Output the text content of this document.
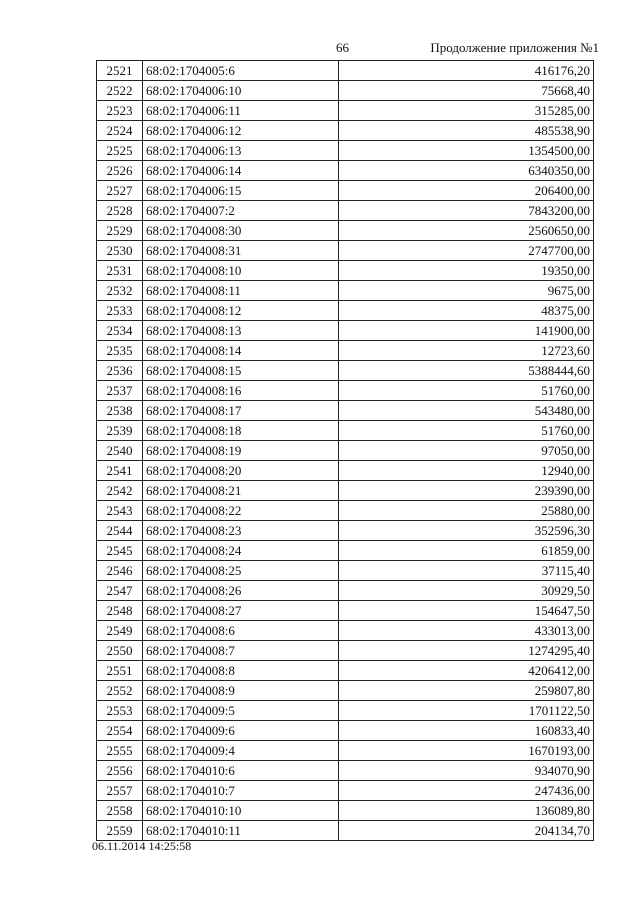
66	Продолжение приложения №1
2521	68:02:1704005:6	416176,20
2522	68:02:1704006:10	75668,40
2523	68:02:1704006:11	315285,00
2524	68:02:1704006:12	485538,90
2525	68:02:1704006:13	1354500,00
2526	68:02:1704006:14	6340350,00
2527	68:02:1704006:15	206400,00
2528	68:02:1704007:2	7843200,00
2529	68:02:1704008:30	2560650,00
2530	68:02:1704008:31	2747700,00
2531	68:02:1704008:10	19350,00
2532	68:02:1704008:11	9675,00
2533	68:02:1704008:12	48375,00
2534	68:02:1704008:13	141900,00
2535	68:02:1704008:14	12723,60
2536	68:02:1704008:15	5388444,60
2537	68:02:1704008:16	51760,00
2538	68:02:1704008:17	543480,00
2539	68:02:1704008:18	51760,00
2540	68:02:1704008:19	97050,00
2541	68:02:1704008:20	12940,00
2542	68:02:1704008:21	239390,00
2543	68:02:1704008:22	25880,00
2544	68:02:1704008:23	352596,30
2545	68:02:1704008:24	61859,00
2546	68:02:1704008:25	37115,40
2547	68:02:1704008:26	30929,50
2548	68:02:1704008:27	154647,50
2549	68:02:1704008:6	433013,00
2550	68:02:1704008:7	1274295,40
2551	68:02:1704008:8	4206412,00
2552	68:02:1704008:9	259807,80
2553	68:02:1704009:5	1701122,50
2554	68:02:1704009:6	160833,40
2555	68:02:1704009:4	1670193,00
2556	68:02:1704010:6	934070,90
2557	68:02:1704010:7	247436,00
2558	68:02:1704010:10	136089,80
2559	68:02:1704010:11	204134,70
06.11.2014 14:25:58
